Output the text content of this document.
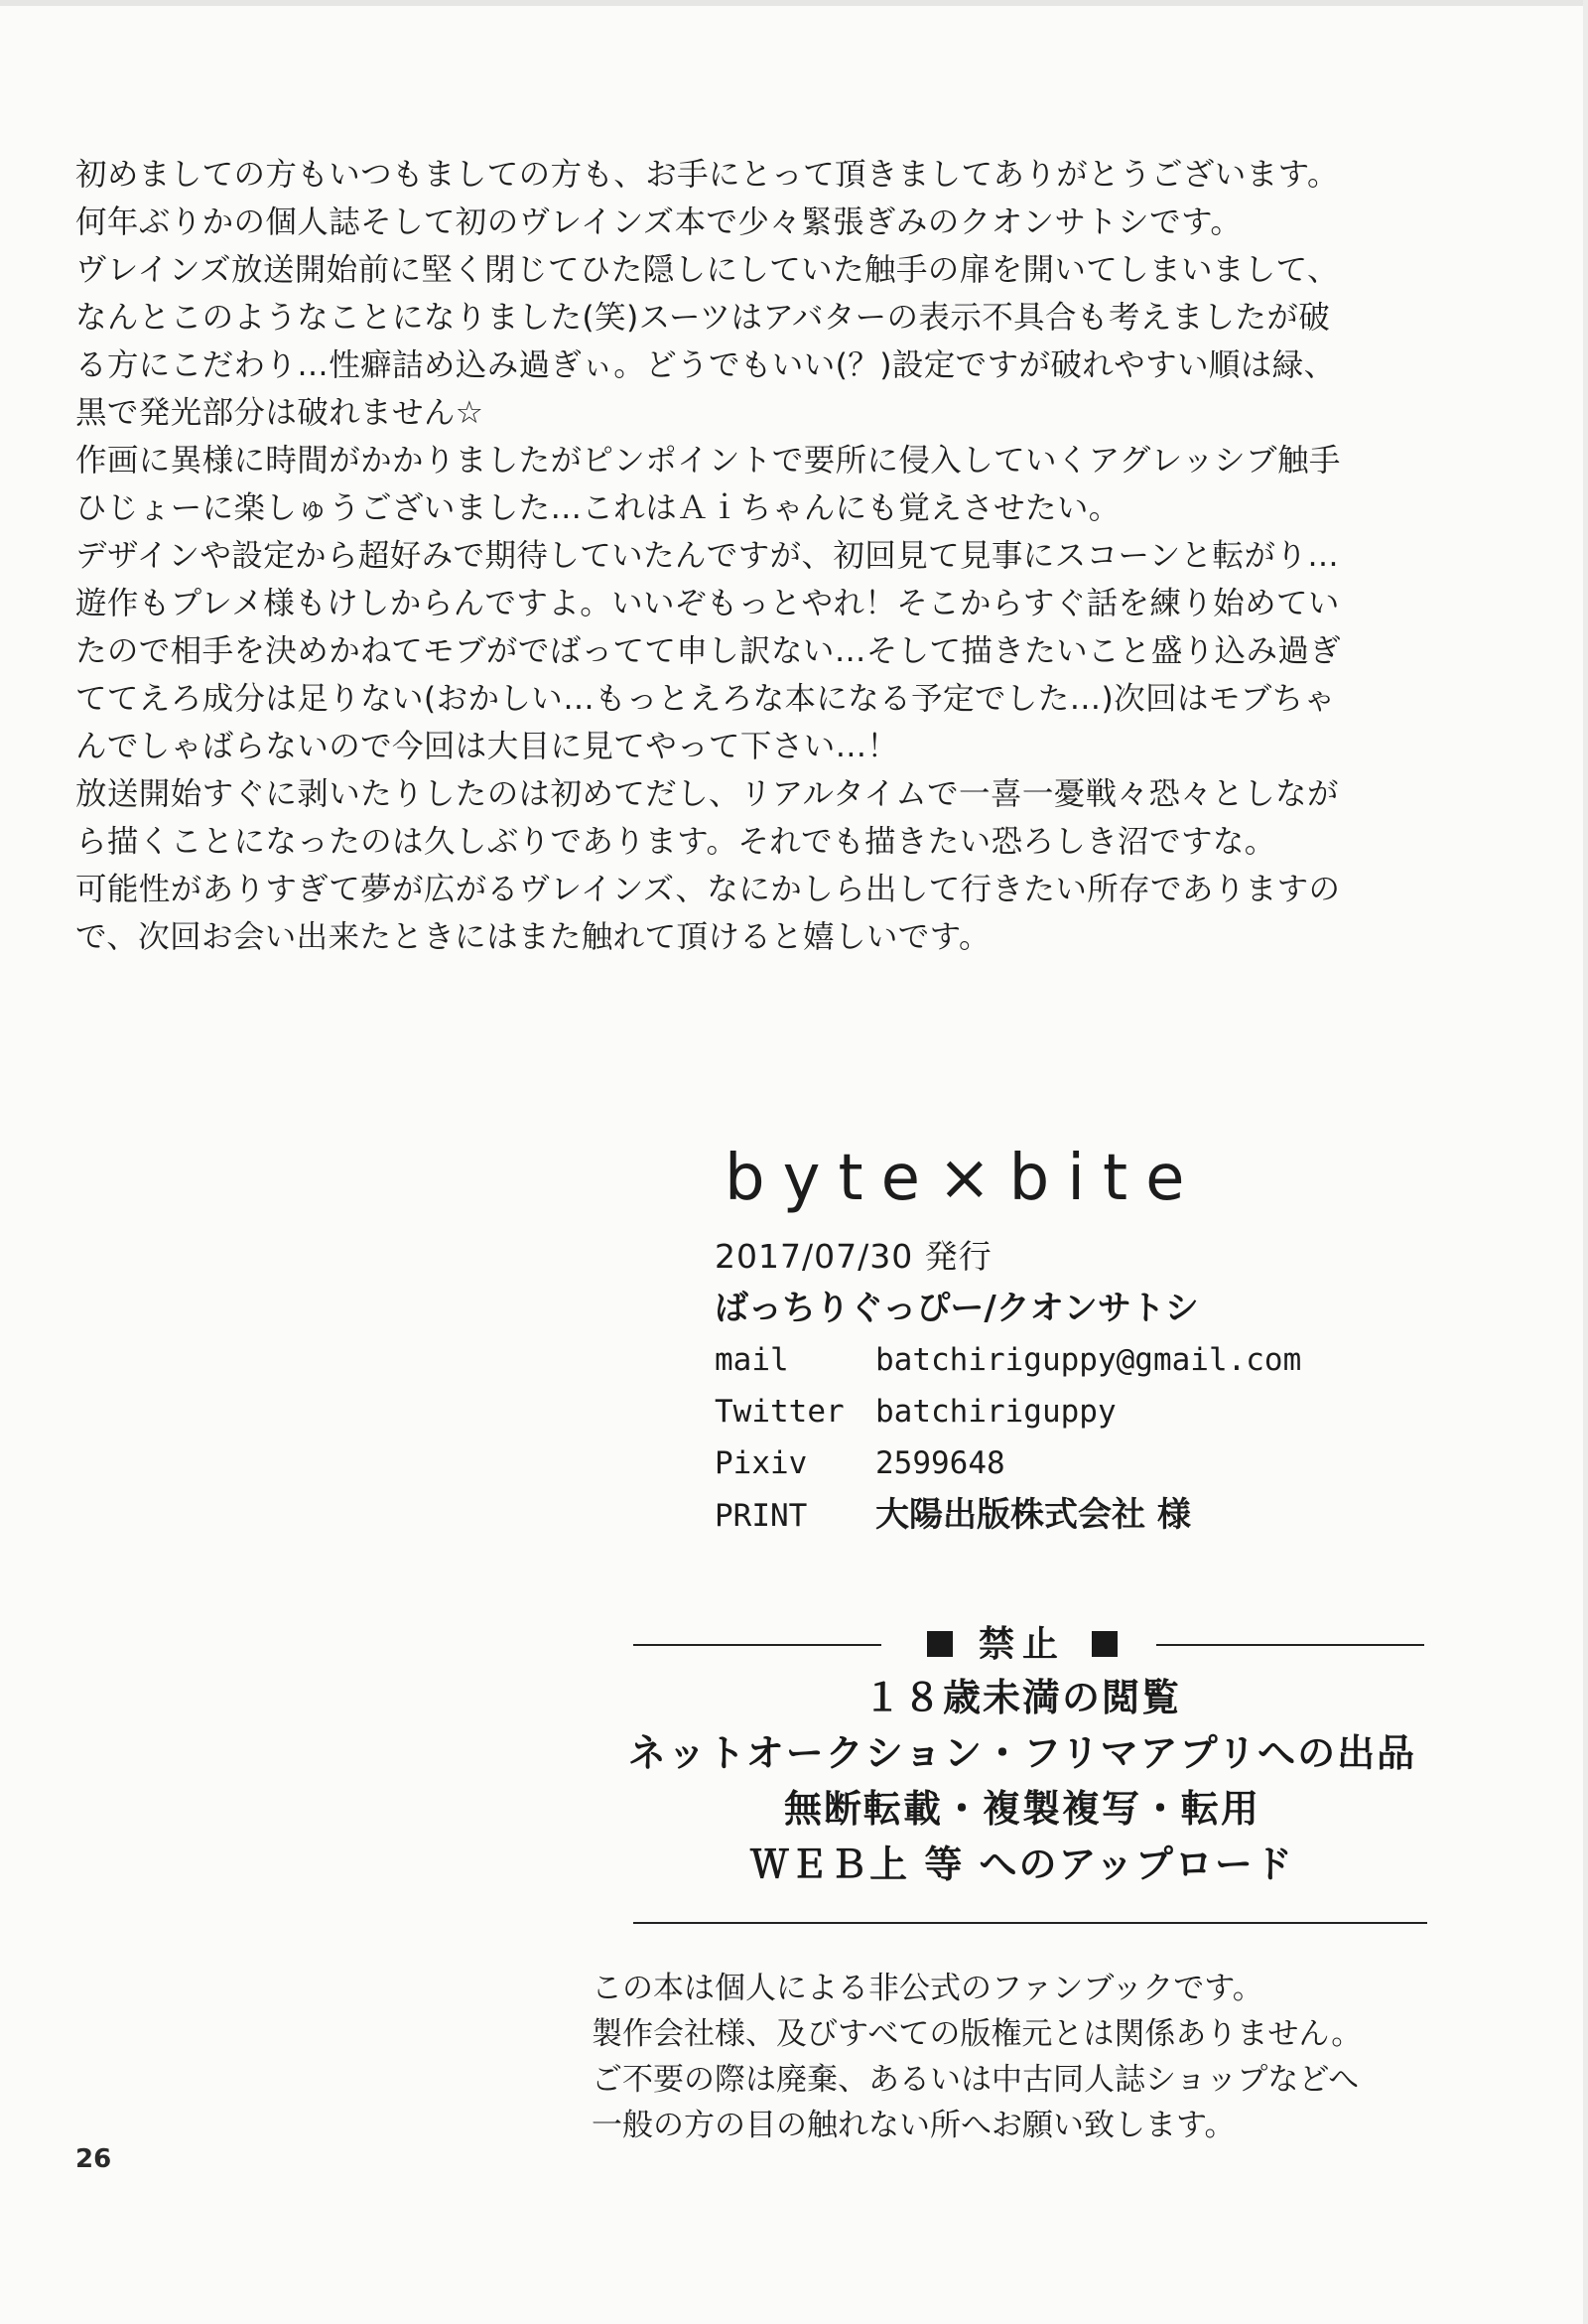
初めましての方もいつもましての方も、お手にとって頂きましてありがとうございます。
何年ぶりかの個人誌そして初のヴレインズ本で少々緊張ぎみのクオンサトシです。
ヴレインズ放送開始前に堅く閉じてひた隠しにしていた触手の扉を開いてしまいまして、
なんとこのようなことになりました(笑)スーツはアバターの表示不具合も考えましたが破
る方にこだわり…性癖詰め込み過ぎぃ。どうでもいい(？)設定ですが破れやすい順は緑、
黒で発光部分は破れません☆
作画に異様に時間がかかりましたがピンポイントで要所に侵入していくアグレッシブ触手
ひじょーに楽しゅうございました…これはＡｉちゃんにも覚えさせたい。
デザインや設定から超好みで期待していたんですが、初回見て見事にスコーンと転がり…
遊作もプレメ様もけしからんですよ。いいぞもっとやれ！そこからすぐ話を練り始めてい
たので相手を決めかねてモブがでばってて申し訳ない…そして描きたいこと盛り込み過ぎ
ててえろ成分は足りない(おかしい…もっとえろな本になる予定でした…)次回はモブちゃ
んでしゃばらないので今回は大目に見てやって下さい…！
放送開始すぐに剥いたりしたのは初めてだし、リアルタイムで一喜一憂戦々恐々としなが
ら描くことになったのは久しぶりであります。それでも描きたい恐ろしき沼ですな。
可能性がありすぎて夢が広がるヴレインズ、なにかしら出して行きたい所存でありますの
で、次回お会い出来たときにはまた触れて頂けると嬉しいです。
byte×bite
2017/07/30 発行
ばっちりぐっぴー/クオンサトシ
mail	batchiriguppy@gmail.com
Twitter batchiriguppy
Pixiv 2599648
PRINT 大陽出版株式会社 様
禁止
１８歳未満の閲覧
ネットオークション・フリマアプリへの出品
無断転載・複製複写・転用
ＷＥＢ上 等 へのアップロード
この本は個人による非公式のファンブックです。
製作会社様、及びすべての版権元とは関係ありません。
ご不要の際は廃棄、あるいは中古同人誌ショップなどへ
一般の方の目の触れない所へお願い致します。
26
